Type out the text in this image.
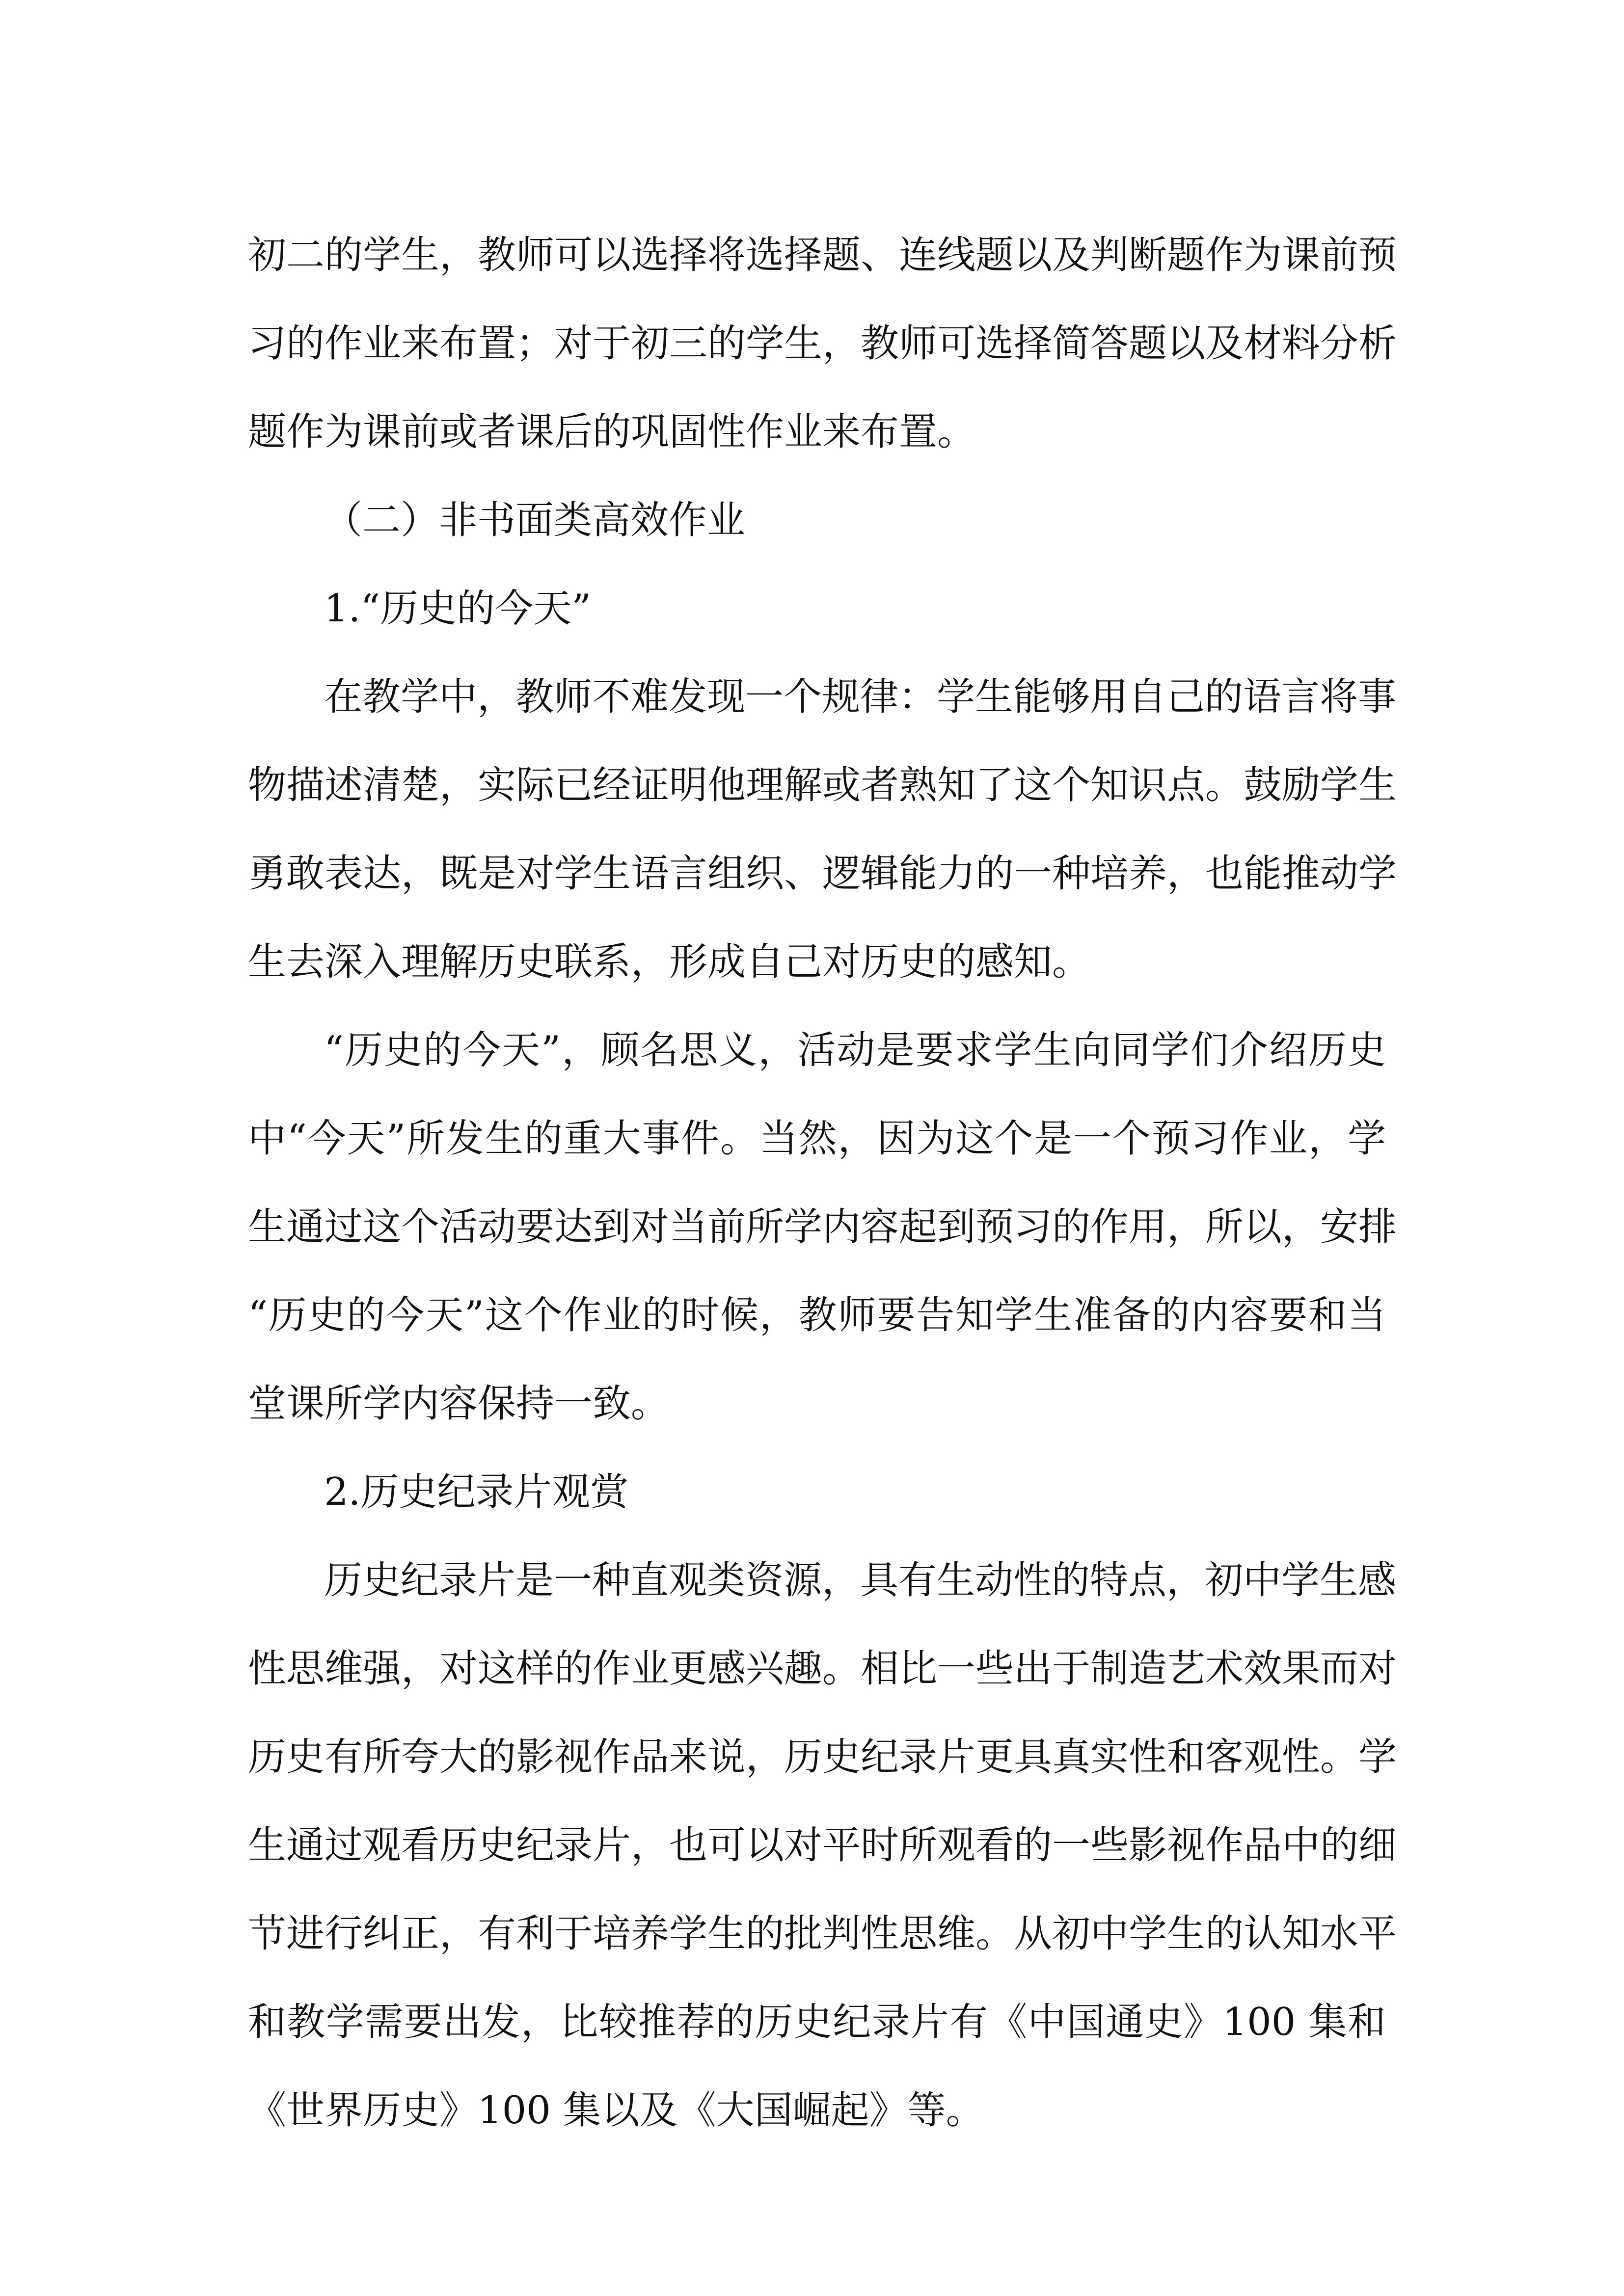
初二的学生，教师可以选择将选择题、连线题以及判断题作为课前预
习的作业来布置；对于初三的学生，教师可选择简答题以及材料分析
题作为课前或者课后的巩固性作业来布置。
（二）非书面类高效作业
1.“历史的今天”
在教学中，教师不难发现一个规律：学生能够用自己的语言将事
物描述清楚，实际已经证明他理解或者熟知了这个知识点。鼓励学生
勇敢表达，既是对学生语言组织、逻辑能力的一种培养，也能推动学
生去深入理解历史联系，形成自己对历史的感知。
“历史的今天”，顾名思义，活动是要求学生向同学们介绍历史
中“今天”所发生的重大事件。当然，因为这个是一个预习作业，学
生通过这个活动要达到对当前所学内容起到预习的作用，所以，安排
“历史的今天”这个作业的时候，教师要告知学生准备的内容要和当
堂课所学内容保持一致。
2.历史纪录片观赏
历史纪录片是一种直观类资源，具有生动性的特点，初中学生感
性思维强，对这样的作业更感兴趣。相比一些出于制造艺术效果而对
历史有所夸大的影视作品来说，历史纪录片更具真实性和客观性。学
生通过观看历史纪录片，也可以对平时所观看的一些影视作品中的细
节进行纠正，有利于培养学生的批判性思维。从初中学生的认知水平
和教学需要出发，比较推荐的历史纪录片有《中国通史》100 集和
《世界历史》100 集以及《大国崛起》等。
